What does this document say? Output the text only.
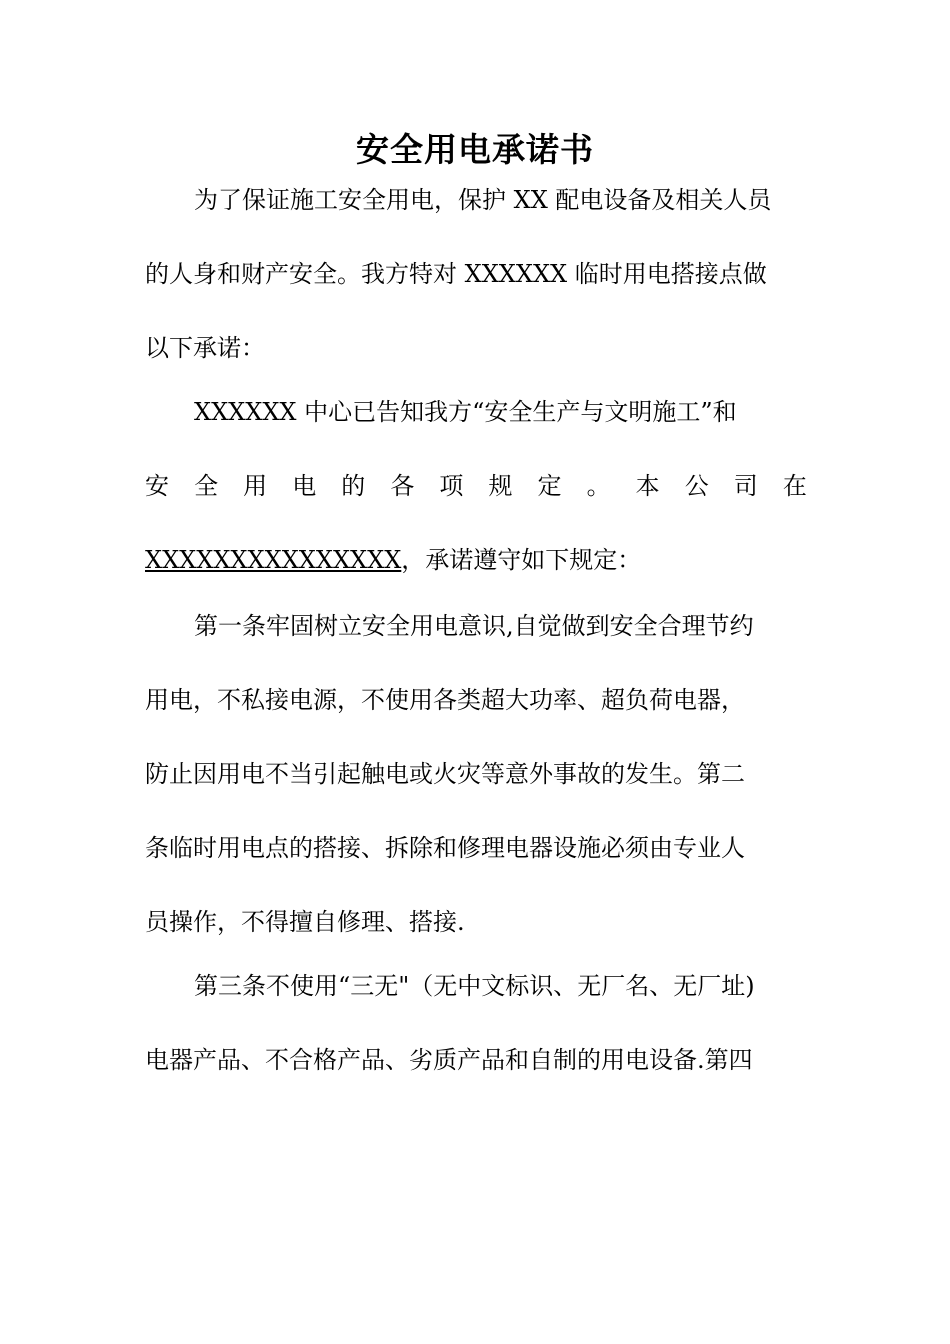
安全用电承诺书
为了保证施工安全用电，保护 XX 配电设备及相关人员
的人身和财产安全。我方特对 XXXXXX 临时用电搭接点做
以下承诺：
XXXXXX 中心已告知我方“安全生产与文明施工”和
安 全 用 电 的 各 项 规 定 。 本 公 司 在
XXXXXXXXXXXXXXX，承诺遵守如下规定：
第一条牢固树立安全用电意识,自觉做到安全合理节约
用电，不私接电源，不使用各类超大功率、超负荷电器，
防止因用电不当引起触电或火灾等意外事故的发生。第二
条临时用电点的搭接、拆除和修理电器设施必须由专业人
员操作，不得擅自修理、搭接.
第三条不使用“三无"（无中文标识、无厂名、无厂址)
电器产品、不合格产品、劣质产品和自制的用电设备.第四
